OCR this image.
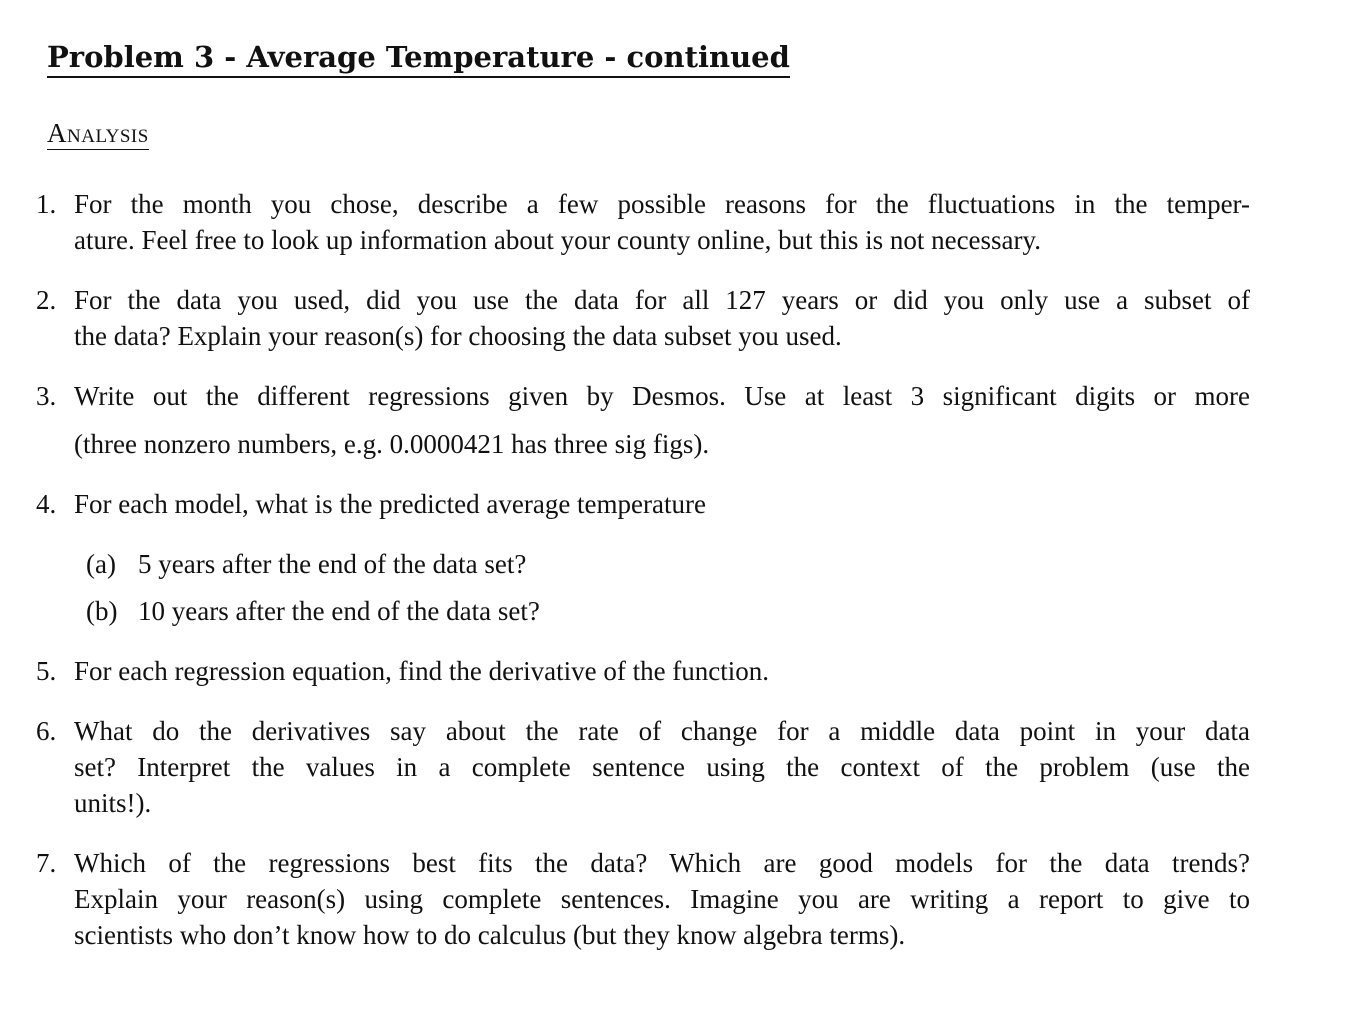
Problem 3 - Average Temperature - continued
Analysis
1. For the month you chose, describe a few possible reasons for the fluctuations in the temper-
ature. Feel free to look up information about your county online, but this is not necessary.
2. For the data you used, did you use the data for all 127 years or did you only use a subset of
the data? Explain your reason(s) for choosing the data subset you used.
3. Write out the different regressions given by Desmos. Use at least 3 significant digits or more
(three nonzero numbers, e.g. 0.0000421 has three sig figs).
4. For each model, what is the predicted average temperature
(a) 5 years after the end of the data set?
(b) 10 years after the end of the data set?
5. For each regression equation, find the derivative of the function.
6. What do the derivatives say about the rate of change for a middle data point in your data
set? Interpret the values in a complete sentence using the context of the problem (use the
units!).
7. Which of the regressions best fits the data? Which are good models for the data trends?
Explain your reason(s) using complete sentences. Imagine you are writing a report to give to
scientists who don’t know how to do calculus (but they know algebra terms).
